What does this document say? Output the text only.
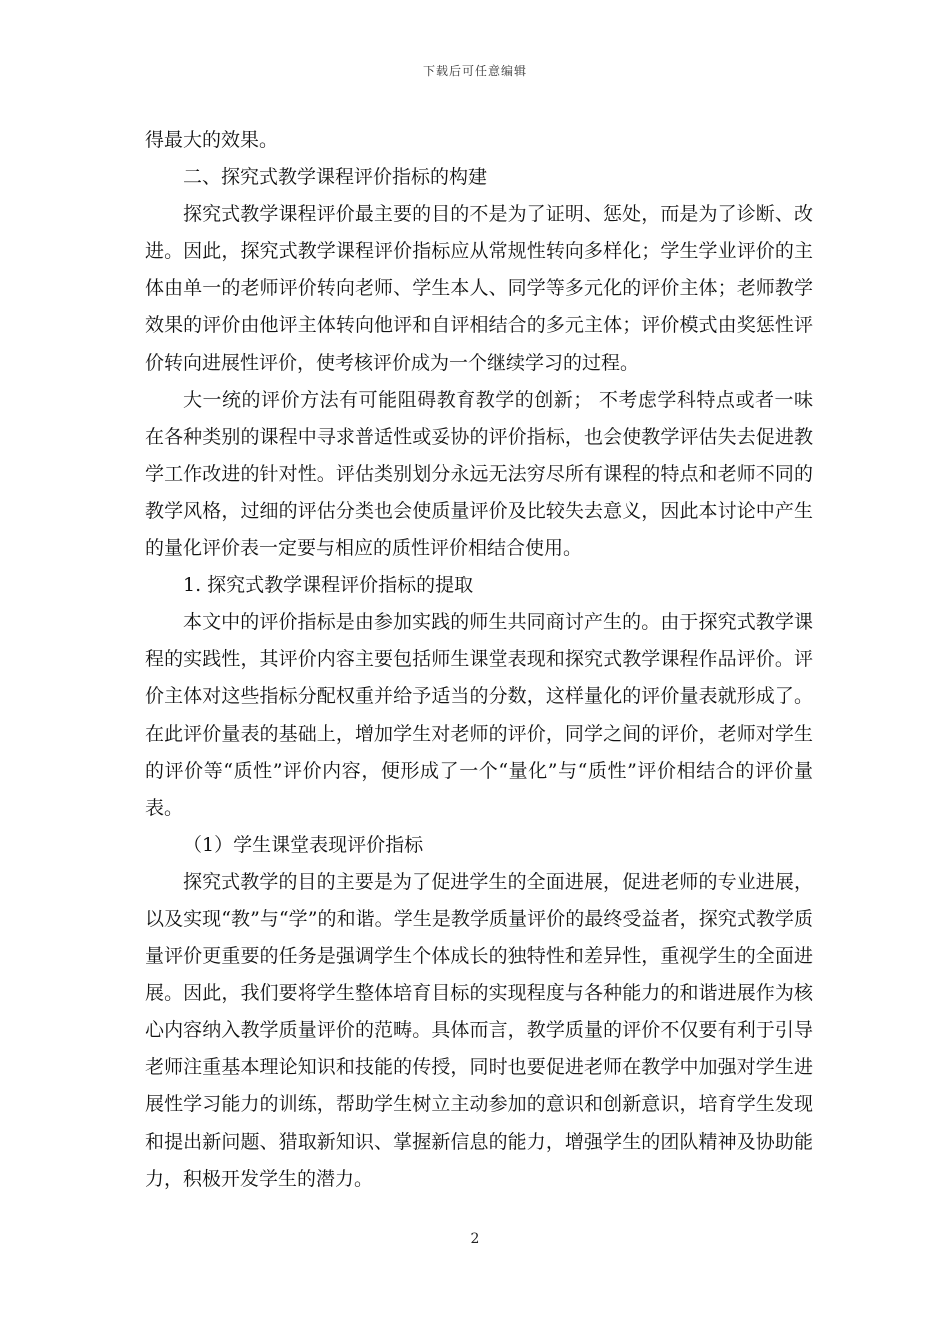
下载后可任意编辑

得最大的效果。

二、探究式教学课程评价指标的构建

探究式教学课程评价最主要的目的不是为了证明、惩处，而是为了诊断、改进。因此，探究式教学课程评价指标应从常规性转向多样化；学生学业评价的主体由单一的老师评价转向老师、学生本人、同学等多元化的评价主体；老师教学效果的评价由他评主体转向他评和自评相结合的多元主体；评价模式由奖惩性评价转向进展性评价，使考核评价成为一个继续学习的过程。

大一统的评价方法有可能阻碍教育教学的创新； 不考虑学科特点或者一味在各种类别的课程中寻求普适性或妥协的评价指标，也会使教学评估失去促进教学工作改进的针对性。评估类别划分永远无法穷尽所有课程的特点和老师不同的教学风格，过细的评估分类也会使质量评价及比较失去意义，因此本讨论中产生的量化评价表一定要与相应的质性评价相结合使用。

1. 探究式教学课程评价指标的提取

本文中的评价指标是由参加实践的师生共同商讨产生的。由于探究式教学课程的实践性，其评价内容主要包括师生课堂表现和探究式教学课程作品评价。评价主体对这些指标分配权重并给予适当的分数，这样量化的评价量表就形成了。在此评价量表的基础上，增加学生对老师的评价，同学之间的评价，老师对学生的评价等“质性”评价内容，便形成了一个“量化”与“质性”评价相结合的评价量表。

（1）学生课堂表现评价指标

探究式教学的目的主要是为了促进学生的全面进展，促进老师的专业进展，以及实现“教”与“学”的和谐。学生是教学质量评价的最终受益者，探究式教学质量评价更重要的任务是强调学生个体成长的独特性和差异性，重视学生的全面进展。因此，我们要将学生整体培育目标的实现程度与各种能力的和谐进展作为核心内容纳入教学质量评价的范畴。具体而言，教学质量的评价不仅要有利于引导老师注重基本理论知识和技能的传授，同时也要促进老师在教学中加强对学生进展性学习能力的训练，帮助学生树立主动参加的意识和创新意识，培育学生发现和提出新问题、猎取新知识、掌握新信息的能力，增强学生的团队精神及协助能力，积极开发学生的潜力。

2
